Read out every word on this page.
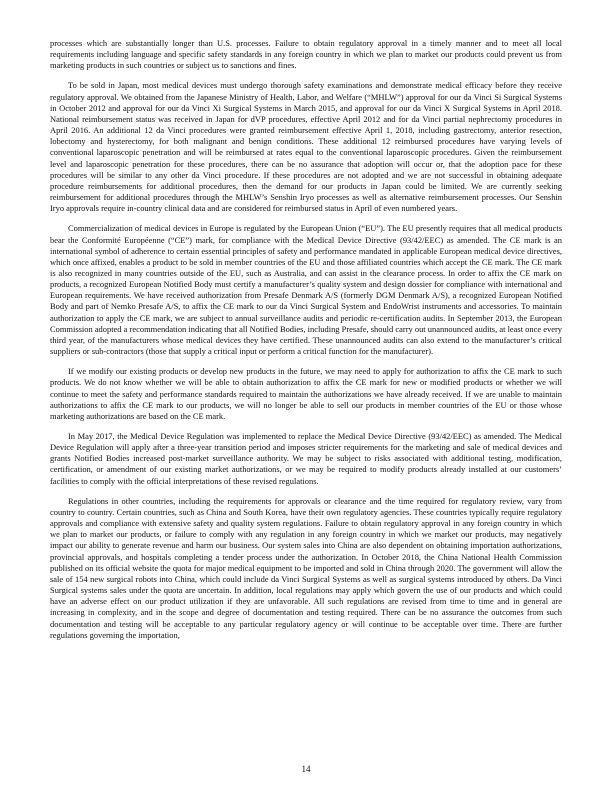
processes which are substantially longer than U.S. processes. Failure to obtain regulatory approval in a timely manner and to meet all local requirements including language and specific safety standards in any foreign country in which we plan to market our products could prevent us from marketing products in such countries or subject us to sanctions and fines.

To be sold in Japan, most medical devices must undergo thorough safety examinations and demonstrate medical efficacy before they receive regulatory approval. We obtained from the Japanese Ministry of Health, Labor, and Welfare (“MHLW”) approval for our da Vinci Si Surgical Systems in October 2012 and approval for our da Vinci Xi Surgical Systems in March 2015, and approval for our da Vinci X Surgical Systems in April 2018. National reimbursement status was received in Japan for dVP procedures, effective April 2012 and for da Vinci partial nephrectomy procedures in April 2016. An additional 12 da Vinci procedures were granted reimbursement effective April 1, 2018, including gastrectomy, anterior resection, lobectomy and hysterectomy, for both malignant and benign conditions. These additional 12 reimbursed procedures have varying levels of conventional laparoscopic penetration and will be reimbursed at rates equal to the conventional laparoscopic procedures. Given the reimbursement level and laparoscopic penetration for these procedures, there can be no assurance that adoption will occur or, that the adoption pace for these procedures will be similar to any other da Vinci procedure. If these procedures are not adopted and we are not successful in obtaining adequate procedure reimbursements for additional procedures, then the demand for our products in Japan could be limited. We are currently seeking reimbursement for additional procedures through the MHLW’s Senshin Iryo processes as well as alternative reimbursement processes. Our Senshin Iryo approvals require in-country clinical data and are considered for reimbursed status in April of even numbered years.

Commercialization of medical devices in Europe is regulated by the European Union (“EU”). The EU presently requires that all medical products bear the Conformité Européenne (“CE”) mark, for compliance with the Medical Device Directive (93/42/EEC) as amended. The CE mark is an international symbol of adherence to certain essential principles of safety and performance mandated in applicable European medical device directives, which once affixed, enables a product to be sold in member countries of the EU and those affiliated countries which accept the CE mark. The CE mark is also recognized in many countries outside of the EU, such as Australia, and can assist in the clearance process. In order to affix the CE mark on products, a recognized European Notified Body must certify a manufacturer’s quality system and design dossier for compliance with international and European requirements. We have received authorization from Presafe Denmark A/S (formerly DGM Denmark A/S), a recognized European Notified Body and part of Nemko Presafe A/S, to affix the CE mark to our da Vinci Surgical System and EndoWrist instruments and accessories. To maintain authorization to apply the CE mark, we are subject to annual surveillance audits and periodic re-certification audits. In September 2013, the European Commission adopted a recommendation indicating that all Notified Bodies, including Presafe, should carry out unannounced audits, at least once every third year, of the manufacturers whose medical devices they have certified. These unannounced audits can also extend to the manufacturer’s critical suppliers or sub-contractors (those that supply a critical input or perform a critical function for the manufacturer).

If we modify our existing products or develop new products in the future, we may need to apply for authorization to affix the CE mark to such products. We do not know whether we will be able to obtain authorization to affix the CE mark for new or modified products or whether we will continue to meet the safety and performance standards required to maintain the authorizations we have already received. If we are unable to maintain authorizations to affix the CE mark to our products, we will no longer be able to sell our products in member countries of the EU or those whose marketing authorizations are based on the CE mark.

In May 2017, the Medical Device Regulation was implemented to replace the Medical Device Directive (93/42/EEC) as amended. The Medical Device Regulation will apply after a three-year transition period and imposes stricter requirements for the marketing and sale of medical devices and grants Notified Bodies increased post-market surveillance authority. We may be subject to risks associated with additional testing, modification, certification, or amendment of our existing market authorizations, or we may be required to modify products already installed at our customers’ facilities to comply with the official interpretations of these revised regulations.

Regulations in other countries, including the requirements for approvals or clearance and the time required for regulatory review, vary from country to country. Certain countries, such as China and South Korea, have their own regulatory agencies. These countries typically require regulatory approvals and compliance with extensive safety and quality system regulations. Failure to obtain regulatory approval in any foreign country in which we plan to market our products, or failure to comply with any regulation in any foreign country in which we market our products, may negatively impact our ability to generate revenue and harm our business. Our system sales into China are also dependent on obtaining importation authorizations, provincial approvals, and hospitals completing a tender process under the authorization. In October 2018, the China National Health Commission published on its official website the quota for major medical equipment to be imported and sold in China through 2020. The government will allow the sale of 154 new surgical robots into China, which could include da Vinci Surgical Systems as well as surgical systems introduced by others. Da Vinci Surgical systems sales under the quota are uncertain. In addition, local regulations may apply which govern the use of our products and which could have an adverse effect on our product utilization if they are unfavorable. All such regulations are revised from time to time and in general are increasing in complexity, and in the scope and degree of documentation and testing required. There can be no assurance the outcomes from such documentation and testing will be acceptable to any particular regulatory agency or will continue to be acceptable over time. There are further regulations governing the importation,

14
